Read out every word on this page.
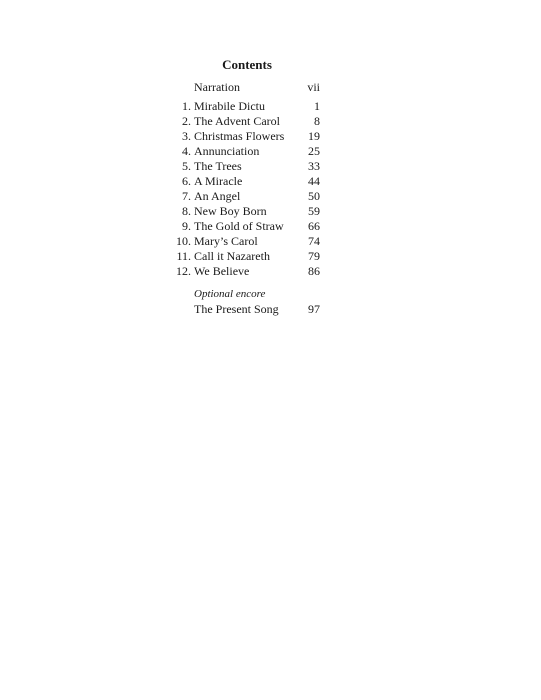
Contents
Narration	vii
1. Mirabile Dictu	1
2. The Advent Carol	8
3. Christmas Flowers	19
4. Annunciation	25
5. The Trees	33
6. A Miracle	44
7. An Angel	50
8. New Boy Born	59
9. The Gold of Straw	66
10. Mary’s Carol	74
11. Call it Nazareth	79
12. We Believe	86
Optional encore
The Present Song	97
